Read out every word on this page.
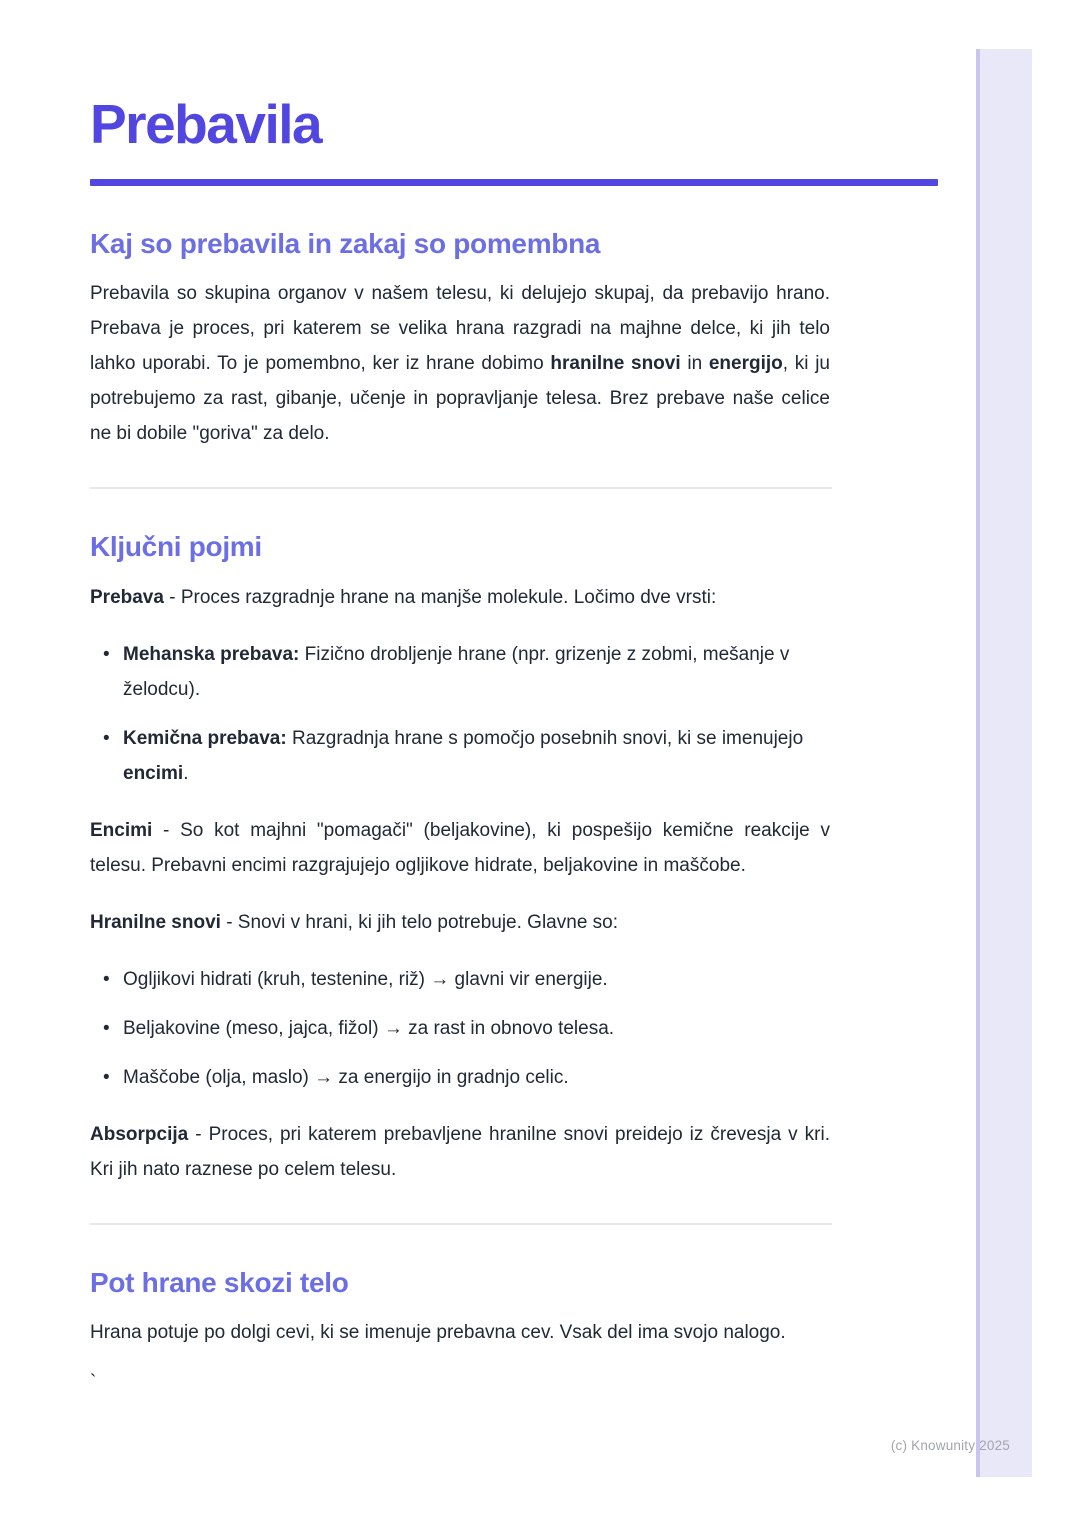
Prebavila
Kaj so prebavila in zakaj so pomembna

Prebavila so skupina organov v našem telesu, ki delujejo skupaj, da prebavijo hrano. Prebava je proces, pri katerem se velika hrana razgradi na majhne delce, ki jih telo lahko uporabi. To je pomembno, ker iz hrane dobimo hranilne snovi in energijo, ki ju potrebujemo za rast, gibanje, učenje in popravljanje telesa. Brez prebave naše celice ne bi dobile "goriva" za delo.

Ključni pojmi

Prebava - Proces razgradnje hrane na manjše molekule. Ločimo dve vrsti:

• Mehanska prebava: Fizično drobljenje hrane (npr. grizenje z zobmi, mešanje v želodcu).
• Kemična prebava: Razgradnja hrane s pomočjo posebnih snovi, ki se imenujejo encimi.

Encimi - So kot majhni "pomagači" (beljakovine), ki pospešijo kemične reakcije v telesu. Prebavni encimi razgrajujejo ogljikove hidrate, beljakovine in maščobe.

Hranilne snovi - Snovi v hrani, ki jih telo potrebuje. Glavne so:

• Ogljikovi hidrati (kruh, testenine, riž) → glavni vir energije.
• Beljakovine (meso, jajca, fižol) → za rast in obnovo telesa.
• Maščobe (olja, maslo) → za energijo in gradnjo celic.

Absorpcija - Proces, pri katerem prebavljene hranilne snovi preidejo iz črevesja v kri. Kri jih nato raznese po celem telesu.

Pot hrane skozi telo

Hrana potuje po dolgi cevi, ki se imenuje prebavna cev. Vsak del ima svojo nalogo.

`

(c) Knowunity 2025
